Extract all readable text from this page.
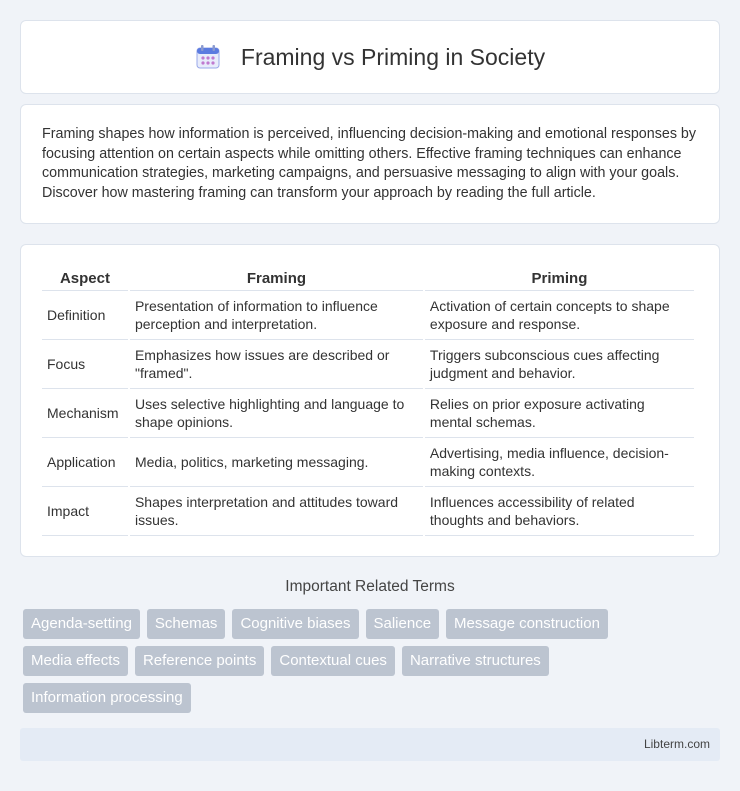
Framing vs Priming in Society

Framing shapes how information is perceived, influencing decision-making and emotional responses by focusing attention on certain aspects while omitting others. Effective framing techniques can enhance communication strategies, marketing campaigns, and persuasive messaging to align with your goals. Discover how mastering framing can transform your approach by reading the full article.

Aspect	Framing	Priming
Definition	Presentation of information to influence perception and interpretation.	Activation of certain concepts to shape exposure and response.
Focus	Emphasizes how issues are described or "framed".	Triggers subconscious cues affecting judgment and behavior.
Mechanism	Uses selective highlighting and language to shape opinions.	Relies on prior exposure activating mental schemas.
Application	Media, politics, marketing messaging.	Advertising, media influence, decision-making contexts.
Impact	Shapes interpretation and attitudes toward issues.	Influences accessibility of related thoughts and behaviors.
Important Related Terms
Agenda-setting	Schemas	Cognitive biases	Salience	Message construction
Media effects	Reference points	Contextual cues	Narrative structures
Information processing
Libterm.com
